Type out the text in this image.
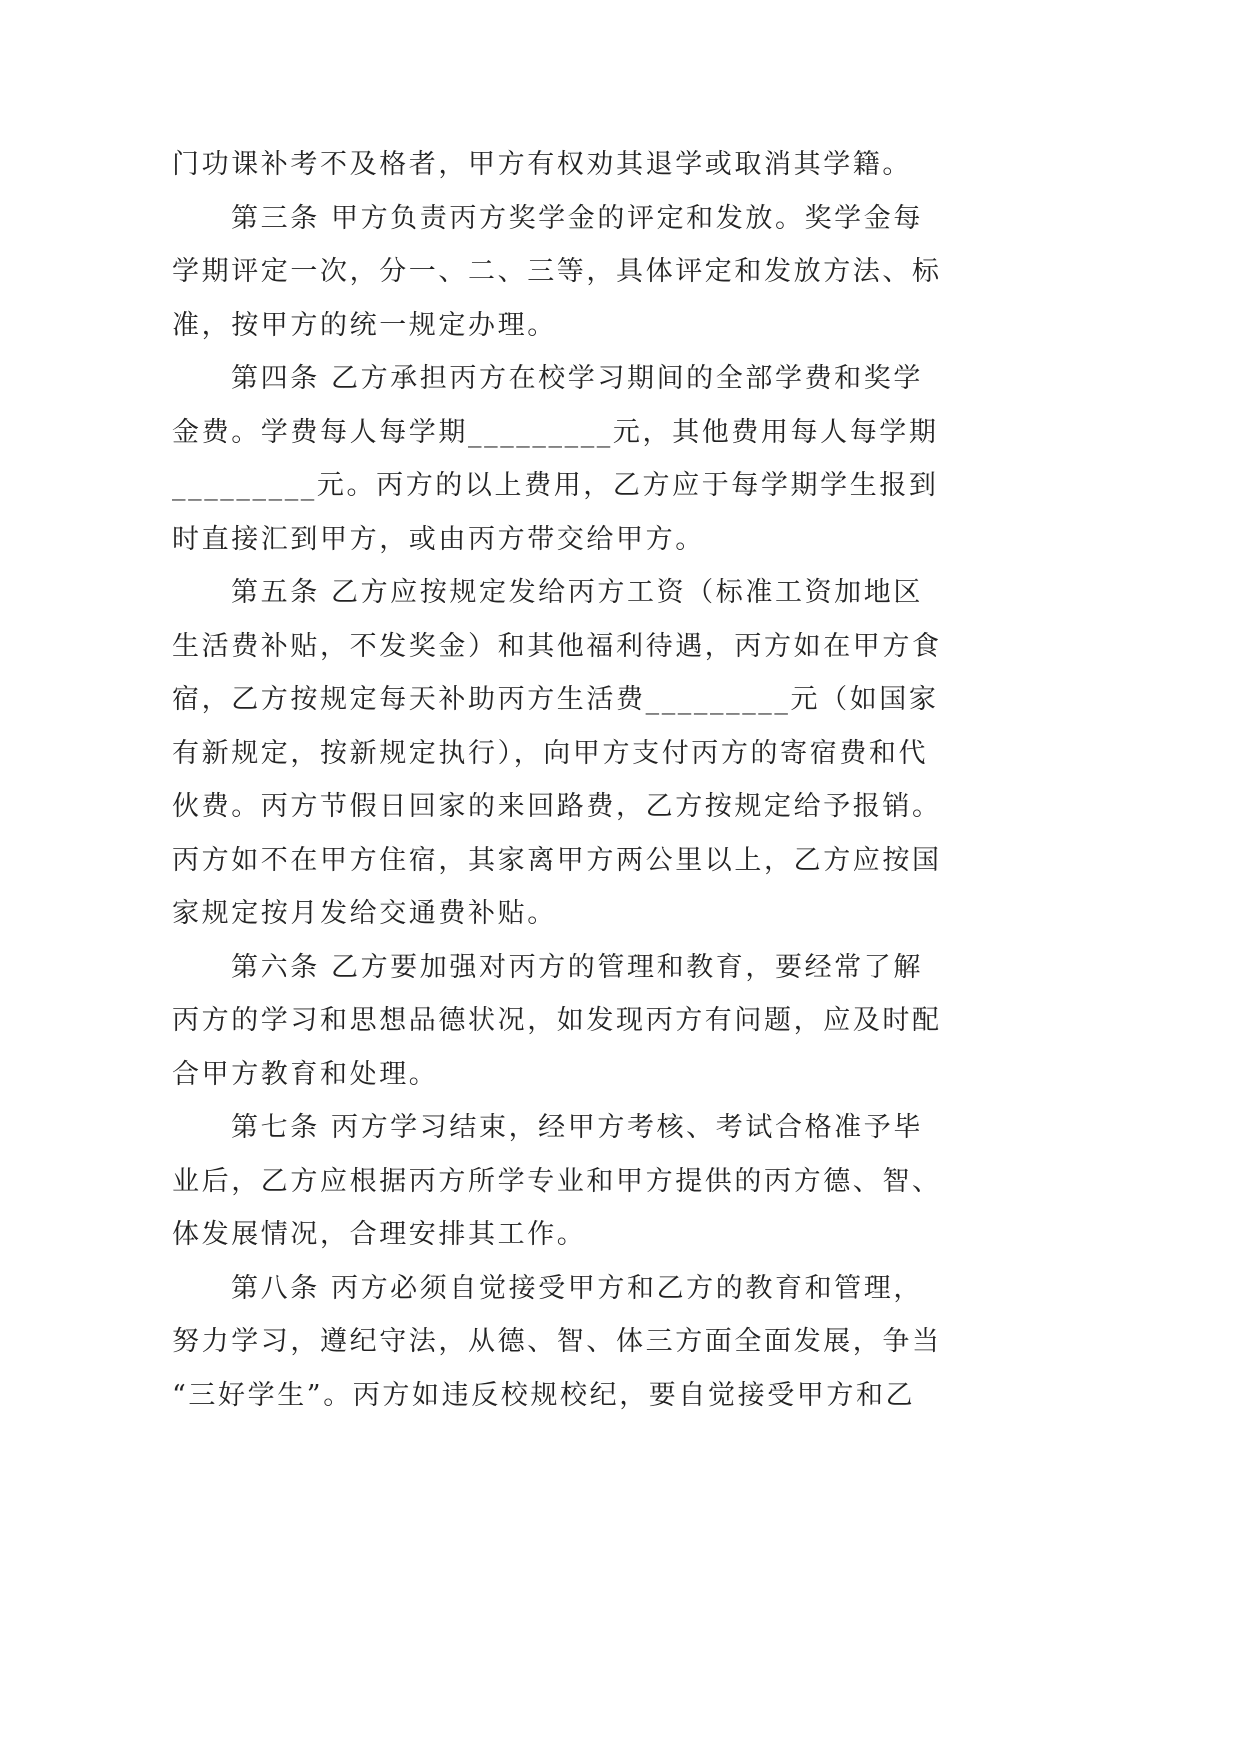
门功课补考不及格者，甲方有权劝其退学或取消其学籍。
第三条 甲方负责丙方奖学金的评定和发放。奖学金每
学期评定一次，分一、二、三等，具体评定和发放方法、标
准，按甲方的统一规定办理。
第四条 乙方承担丙方在校学习期间的全部学费和奖学
金费。学费每人每学期_________元，其他费用每人每学期
_________元。丙方的以上费用，乙方应于每学期学生报到
时直接汇到甲方，或由丙方带交给甲方。
第五条 乙方应按规定发给丙方工资（标准工资加地区
生活费补贴，不发奖金）和其他福利待遇，丙方如在甲方食
宿，乙方按规定每天补助丙方生活费_________元（如国家
有新规定，按新规定执行），向甲方支付丙方的寄宿费和代
伙费。丙方节假日回家的来回路费，乙方按规定给予报销。
丙方如不在甲方住宿，其家离甲方两公里以上，乙方应按国
家规定按月发给交通费补贴。
第六条 乙方要加强对丙方的管理和教育，要经常了解
丙方的学习和思想品德状况，如发现丙方有问题，应及时配
合甲方教育和处理。
第七条 丙方学习结束，经甲方考核、考试合格准予毕
业后，乙方应根据丙方所学专业和甲方提供的丙方德、智、
体发展情况，合理安排其工作。
第八条 丙方必须自觉接受甲方和乙方的教育和管理，
努力学习，遵纪守法，从德、智、体三方面全面发展，争当
“三好学生”。丙方如违反校规校纪，要自觉接受甲方和乙
